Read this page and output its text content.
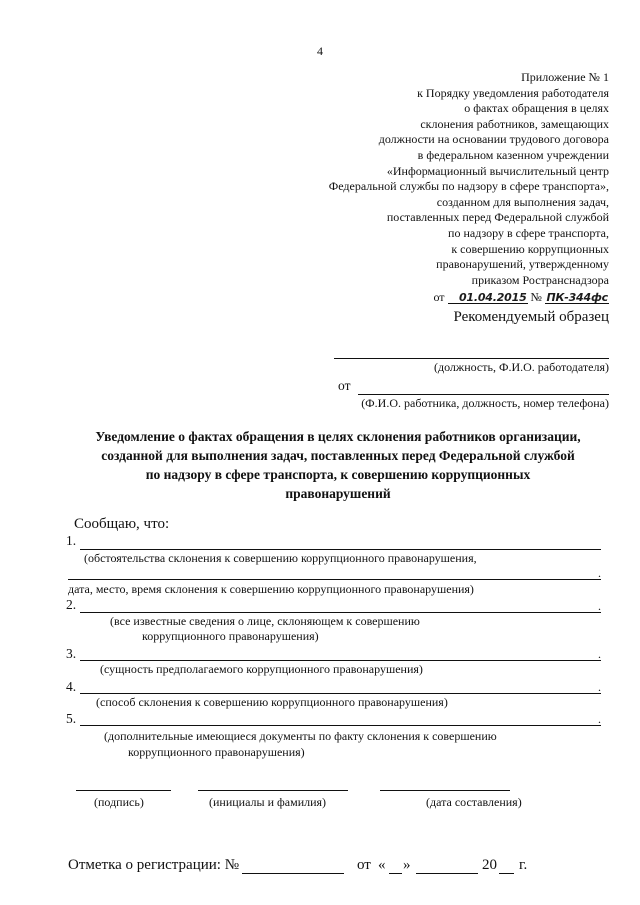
4
Приложение № 1
к Порядку уведомления работодателя
о фактах обращения в целях
склонения работников, замещающих
должности на основании трудового договора
в федеральном казенном учреждении
«Информационный вычислительный центр
Федеральной службы по надзору в сфере транспорта»,
созданном для выполнения задач,
поставленных перед Федеральной службой
по надзору в сфере транспорта,
к совершению коррупционных
правонарушений, утвержденному
приказом Ространснадзора
от 01.04.2015 № ПК-344фс
Рекомендуемый образец
(должность, Ф.И.О. работодателя)
от
(Ф.И.О. работника, должность, номер телефона)
Уведомление о фактах обращения в целях склонения работников организации,
созданной для выполнения задач, поставленных перед Федеральной службой
по надзору в сфере транспорта, к совершению коррупционных
правонарушений
Сообщаю, что:
1.
(обстоятельства склонения к совершению коррупционного правонарушения,
.
дата, место, время склонения к совершению коррупционного правонарушения)
2.	.
(все известные сведения о лице, склоняющем к совершению
коррупционного правонарушения)
3.	.
(сущность предполагаемого коррупционного правонарушения)
4.	.
(способ склонения к совершению коррупционного правонарушения)
5.	.
(дополнительные имеющиеся документы по факту склонения к совершению
коррупционного правонарушения)
(подпись)	(инициалы и фамилия)	(дата составления)
Отметка о регистрации: №	от « »	20 г.
